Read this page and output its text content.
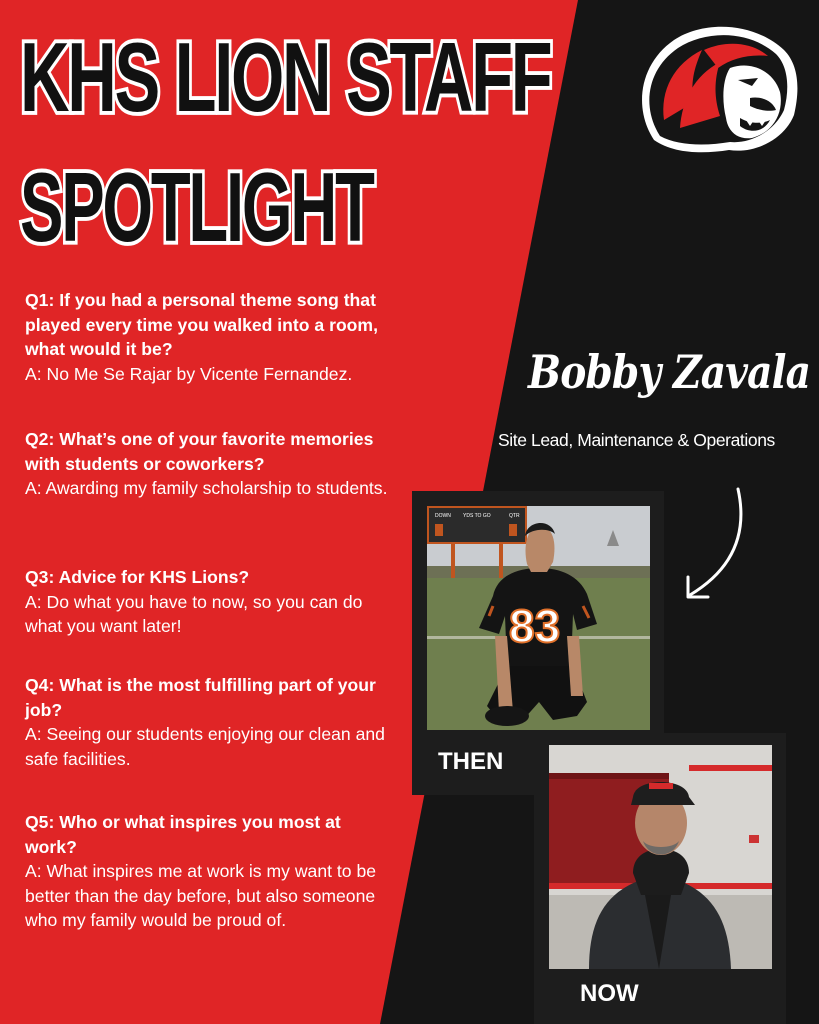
KHS LION STAFF
SPOTLIGHT
Q1: If you had a personal theme song that played every time you walked into a room, what would it be?
A: No Me Se Rajar by Vicente Fernandez.
Q2: What’s one of your favorite memories with students or coworkers?
A: Awarding my family scholarship to students.
Q3: Advice for KHS Lions?
A: Do what you have to now, so you can do what you want later!
Q4: What is the most fulfilling part of your job?
A: Seeing our students enjoying our clean and safe facilities.
Q5: Who or what inspires you most at work?
A: What inspires me at work is my want to be better than the day before, but also someone who my family would be proud of.
Bobby Zavala
Site Lead, Maintenance & Operations
DOWN YDS TO GO	QTR
83
THEN
NOW
